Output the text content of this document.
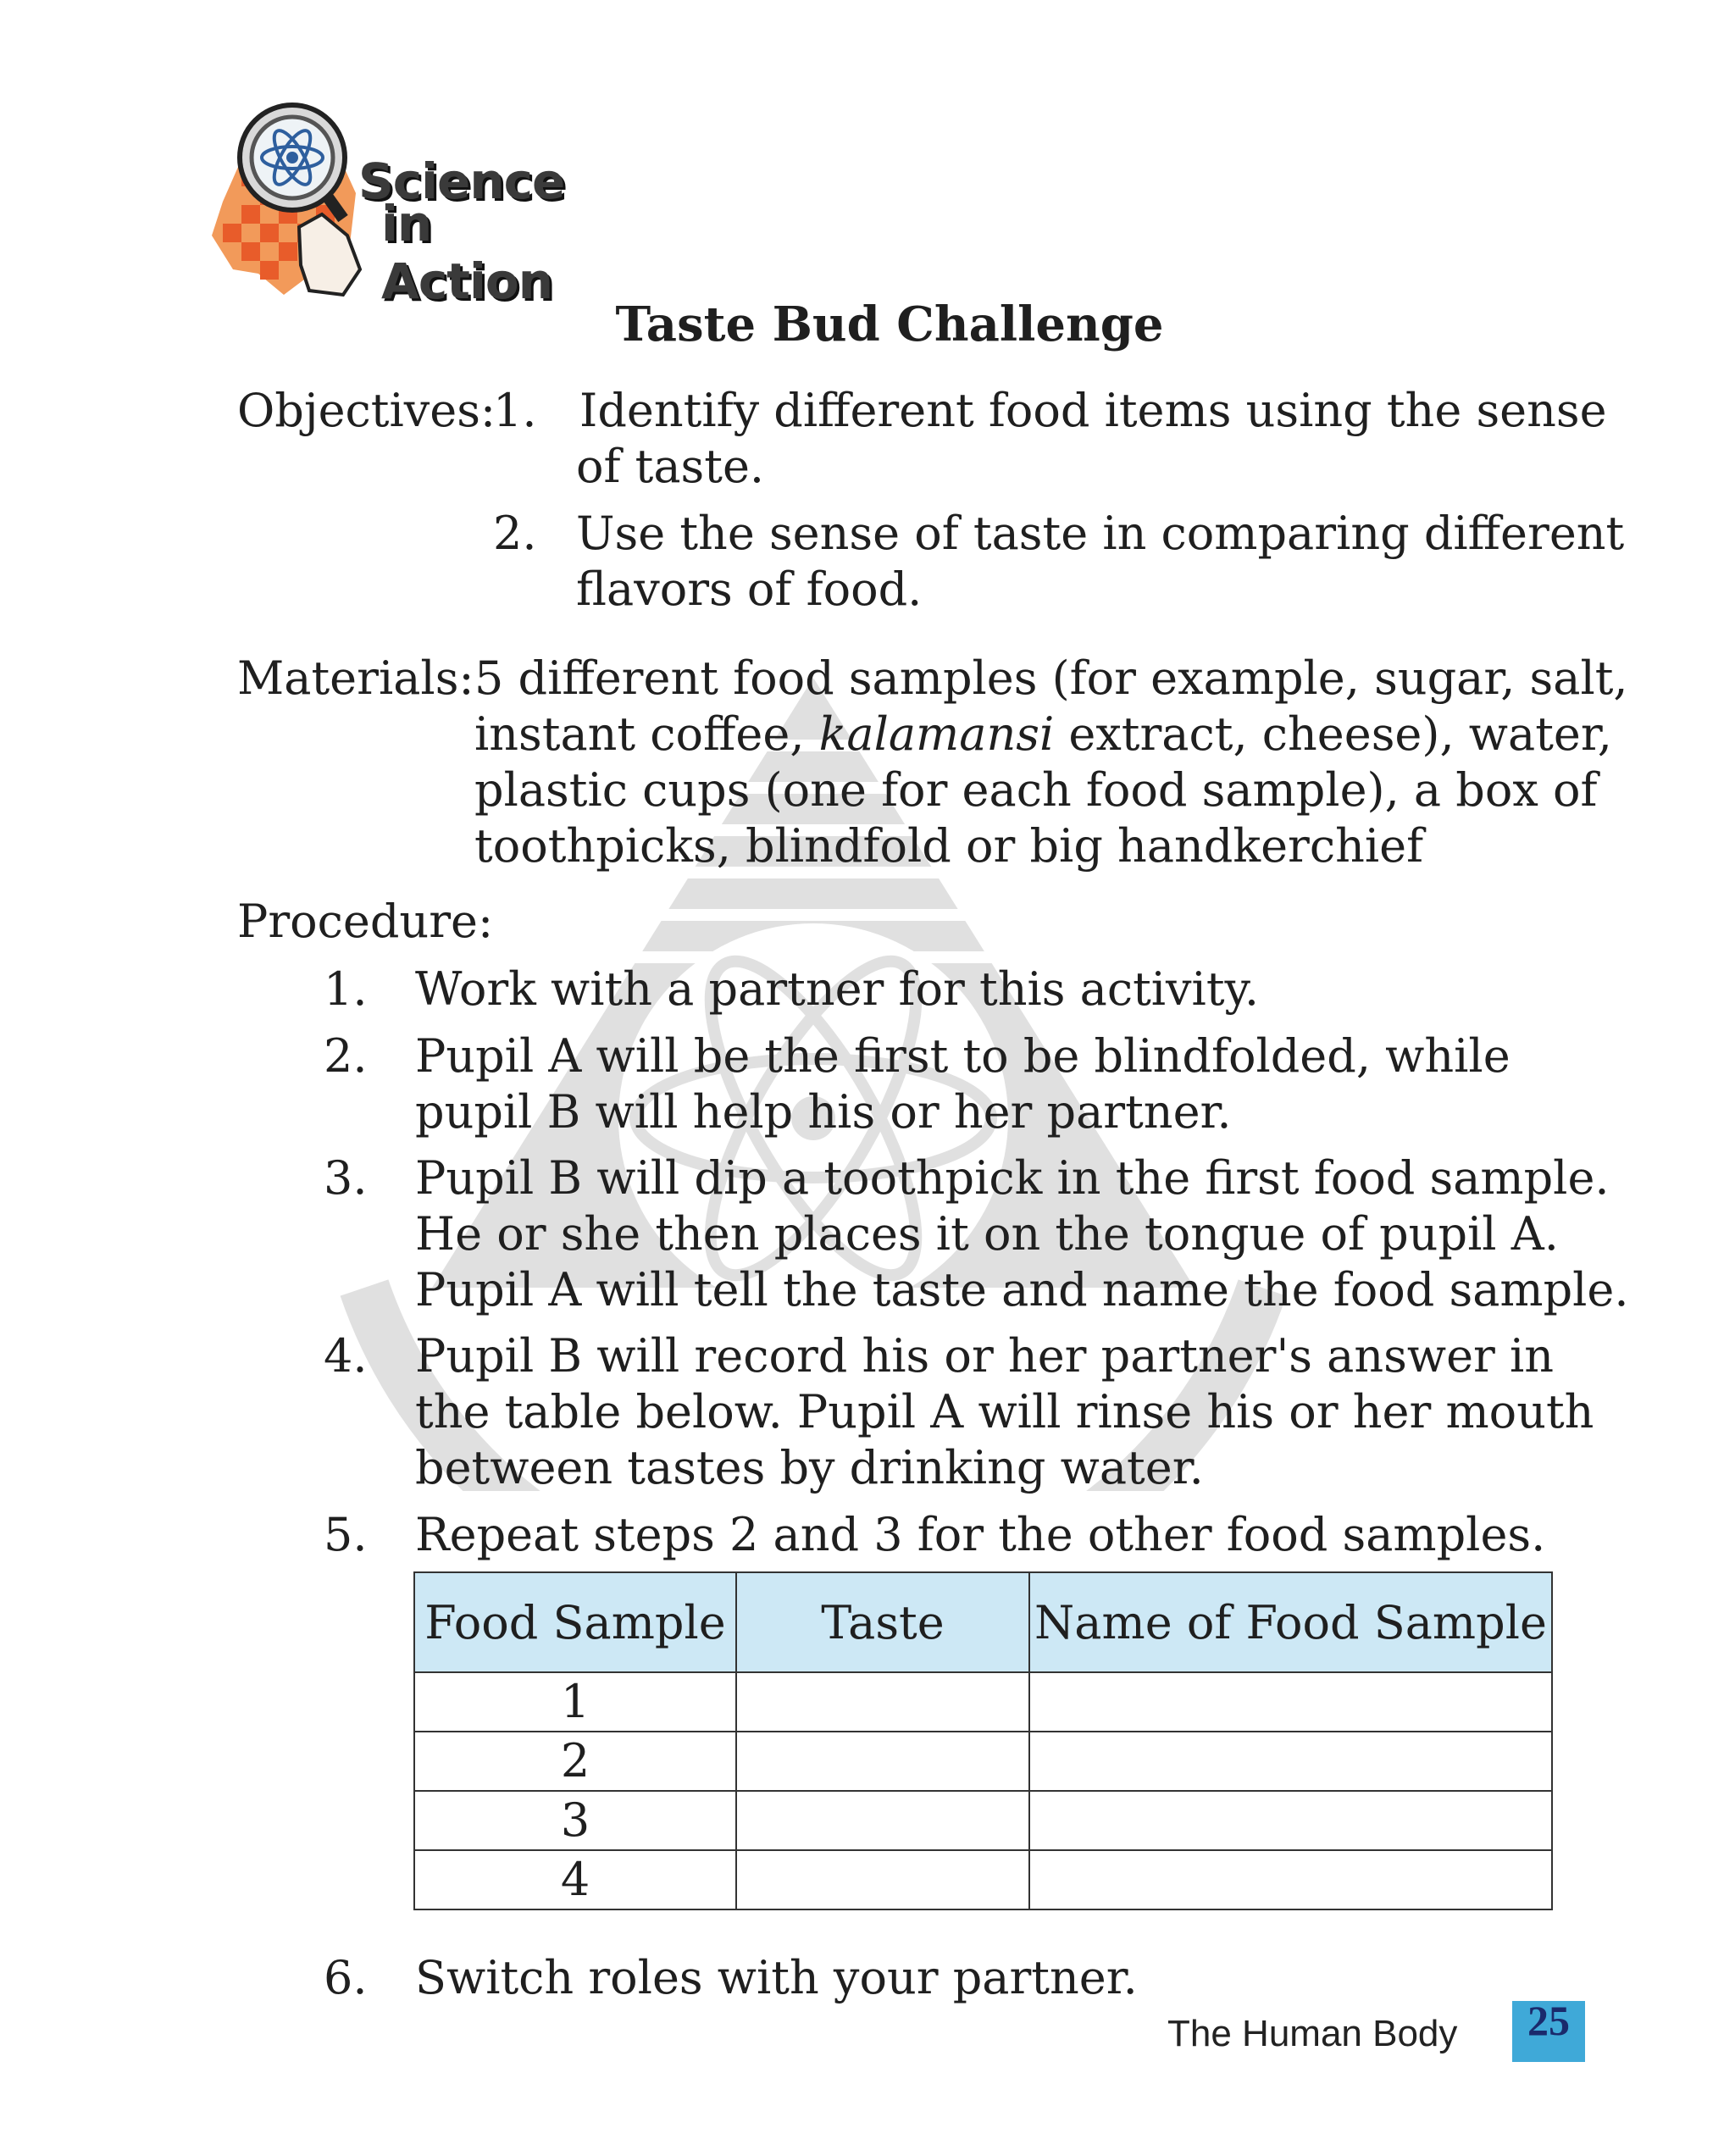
Science
in Action
Taste Bud Challenge
Objectives:
1. Identify different food items using the sense
of taste.
2. Use the sense of taste in comparing different
flavors of food.
Materials: 5 different food samples (for example, sugar, salt,
instant coffee, kalamansi extract, cheese), water,
plastic cups (one for each food sample), a box of
toothpicks, blindfold or big handkerchief
Procedure:
1. Work with a partner for this activity.
2. Pupil A will be the first to be blindfolded, while
pupil B will help his or her partner.
3. Pupil B will dip a toothpick in the first food sample.
He or she then places it on the tongue of pupil A.
Pupil A will tell the taste and name the food sample.
4. Pupil B will record his or her partner's answer in
the table below. Pupil A will rinse his or her mouth
between tastes by drinking water.
5. Repeat steps 2 and 3 for the other food samples.
Food Sample	Taste	Name of Food Sample
1		
2		
3		
4		
6. Switch roles with your partner.
The Human Body	25
